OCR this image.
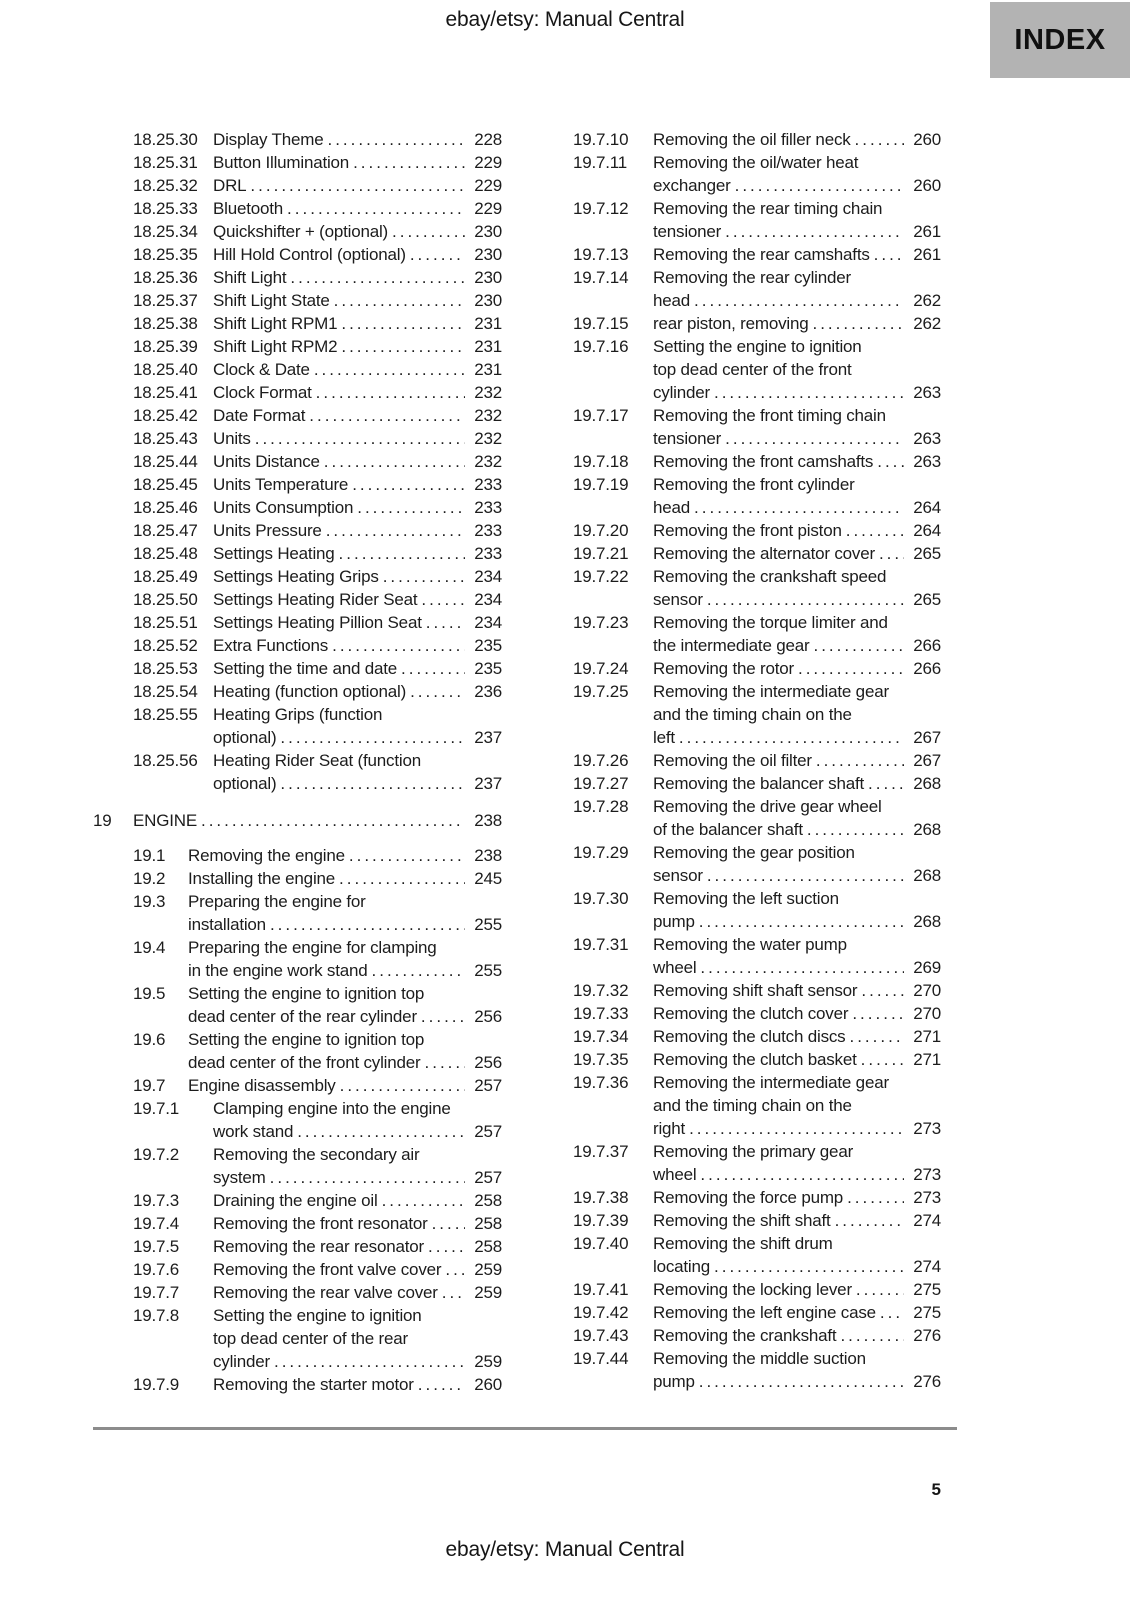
ebay/etsy: Manual Central
INDEX
18.25.30 Display Theme .....	228
18.25.31 Button Illumination .....	229
18.25.32 DRL .....	229
18.25.33 Bluetooth .....	229
18.25.34 Quickshifter + (optional) .....	230
18.25.35 Hill Hold Control (optional) .....	230
18.25.36 Shift Light .....	230
18.25.37 Shift Light State .....	230
18.25.38 Shift Light RPM1 .....	231
18.25.39 Shift Light RPM2 .....	231
18.25.40 Clock & Date .....	231
18.25.41 Clock Format .....	232
18.25.42 Date Format .....	232
18.25.43 Units .....	232
18.25.44 Units Distance .....	232
18.25.45 Units Temperature .....	233
18.25.46 Units Consumption .....	233
18.25.47 Units Pressure .....	233
18.25.48 Settings Heating .....	233
18.25.49 Settings Heating Grips .....	234
18.25.50 Settings Heating Rider Seat .....	234
18.25.51 Settings Heating Pillion Seat .....	234
18.25.52 Extra Functions .....	235
18.25.53 Setting the time and date .....	235
18.25.54 Heating (function optional) .....	236
18.25.55 Heating Grips (function
optional) .....	237
18.25.56 Heating Rider Seat (function
optional) .....	237
19	ENGINE .....	238
19.1	Removing the engine .....	238
19.2	Installing the engine .....	245
19.3	Preparing the engine for
installation .....	255
19.4	Preparing the engine for clamping
in the engine work stand .....	255
19.5	Setting the engine to ignition top
dead center of the rear cylinder .....	256
19.6	Setting the engine to ignition top
dead center of the front cylinder .....	256
19.7	Engine disassembly .....	257
19.7.1	Clamping engine into the engine
work stand .....	257
19.7.2	Removing the secondary air
system .....	257
19.7.3	Draining the engine oil .....	258
19.7.4	Removing the front resonator .....	258
19.7.5	Removing the rear resonator .....	258
19.7.6	Removing the front valve cover ..... 259
19.7.7	Removing the rear valve cover ..... 259
19.7.8	Setting the engine to ignition
top dead center of the rear
cylinder .....	259
19.7.9	Removing the starter motor .....	260
19.7.10	Removing the oil filler neck .....	260
19.7.11	Removing the oil/water heat
exchanger .....	260
19.7.12	Removing the rear timing chain
tensioner .....	261
19.7.13	Removing the rear camshafts .....	261
19.7.14	Removing the rear cylinder
head .....	262
19.7.15	rear piston, removing .....	262
19.7.16	Setting the engine to ignition
top dead center of the front
cylinder .....	263
19.7.17	Removing the front timing chain
tensioner .....	263
19.7.18	Removing the front camshafts ..... 263
19.7.19	Removing the front cylinder
head .....	264
19.7.20	Removing the front piston .....	264
19.7.21	Removing the alternator cover ..... 265
19.7.22	Removing the crankshaft speed
sensor .....	265
19.7.23	Removing the torque limiter and
the intermediate gear .....	266
19.7.24	Removing the rotor .....	266
19.7.25	Removing the intermediate gear
and the timing chain on the
left .....	267
19.7.26	Removing the oil filter .....	267
19.7.27	Removing the balancer shaft .....	268
19.7.28	Removing the drive gear wheel
of the balancer shaft .....	268
19.7.29	Removing the gear position
sensor .....	268
19.7.30	Removing the left suction
pump .....	268
19.7.31	Removing the water pump
wheel .....	269
19.7.32	Removing shift shaft sensor .....	270
19.7.33	Removing the clutch cover .....	270
19.7.34	Removing the clutch discs .....	271
19.7.35	Removing the clutch basket .....	271
19.7.36	Removing the intermediate gear
and the timing chain on the
right .....	273
19.7.37	Removing the primary gear
wheel .....	273
19.7.38	Removing the force pump .....	273
19.7.39	Removing the shift shaft .....	274
19.7.40	Removing the shift drum
locating .....	274
19.7.41	Removing the locking lever .....	275
19.7.42	Removing the left engine case ..... 275
19.7.43	Removing the crankshaft .....	276
19.7.44	Removing the middle suction
pump .....	276
5
ebay/etsy: Manual Central
